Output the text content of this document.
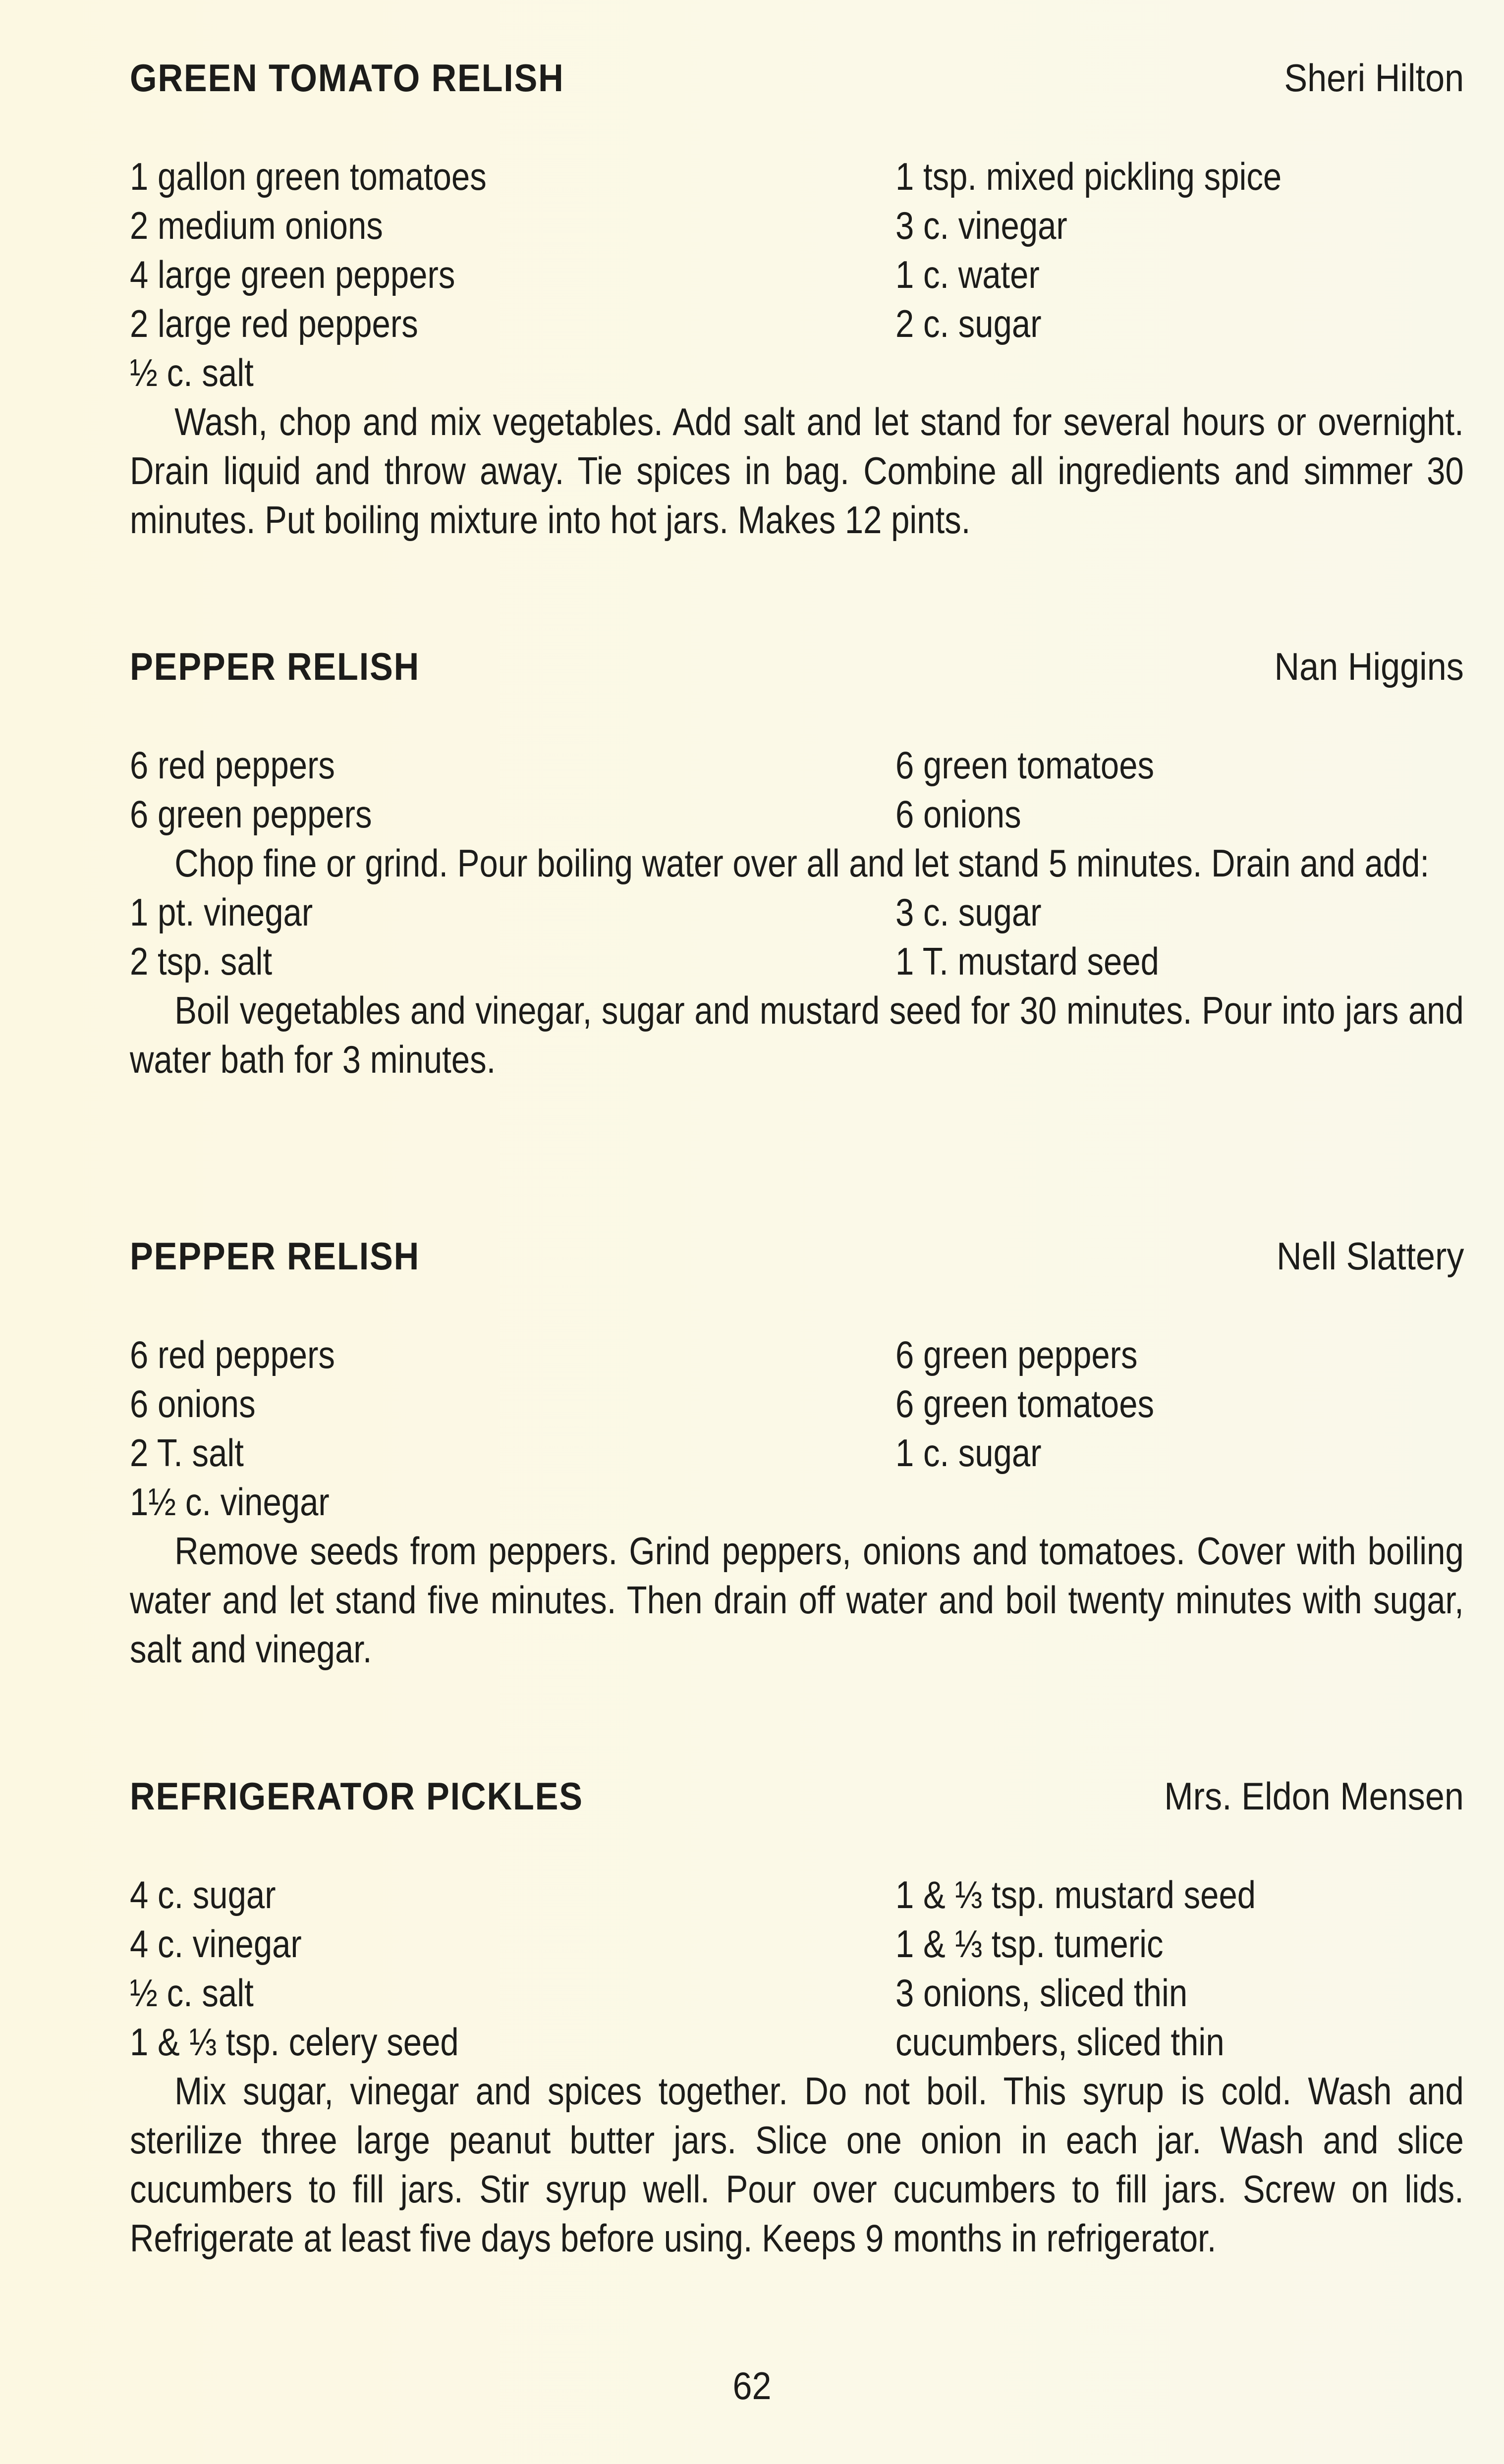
GREEN TOMATO RELISH	Sheri Hilton
1 gallon green tomatoes	1 tsp. mixed pickling spice
2 medium onions	3 c. vinegar
4 large green peppers	1 c. water
2 large red peppers	2 c. sugar
½ c. salt
Wash, chop and mix vegetables. Add salt and let stand for several hours or overnight. Drain liquid and throw away. Tie spices in bag. Combine all ingredients and simmer 30 minutes. Put boiling mixture into hot jars. Makes 12 pints.
PEPPER RELISH	Nan Higgins
6 red peppers	6 green tomatoes
6 green peppers	6 onions
Chop fine or grind. Pour boiling water over all and let stand 5 minutes. Drain and add:
1 pt. vinegar	3 c. sugar
2 tsp. salt	1 T. mustard seed
Boil vegetables and vinegar, sugar and mustard seed for 30 minutes. Pour into jars and water bath for 3 minutes.
PEPPER RELISH	Nell Slattery
6 red peppers	6 green peppers
6 onions	6 green tomatoes
2 T. salt	1 c. sugar
1½ c. vinegar
Remove seeds from peppers. Grind peppers, onions and tomatoes. Cover with boiling water and let stand five minutes. Then drain off water and boil twenty minutes with sugar, salt and vinegar.
REFRIGERATOR PICKLES	Mrs. Eldon Mensen
4 c. sugar	1 & ⅓ tsp. mustard seed
4 c. vinegar	1 & ⅓ tsp. tumeric
½ c. salt	3 onions, sliced thin
1 & ⅓ tsp. celery seed	cucumbers, sliced thin
Mix sugar, vinegar and spices together. Do not boil. This syrup is cold. Wash and sterilize three large peanut butter jars. Slice one onion in each jar. Wash and slice cucumbers to fill jars. Stir syrup well. Pour over cucumbers to fill jars. Screw on lids. Refrigerate at least five days before using. Keeps 9 months in refrigerator.
62
